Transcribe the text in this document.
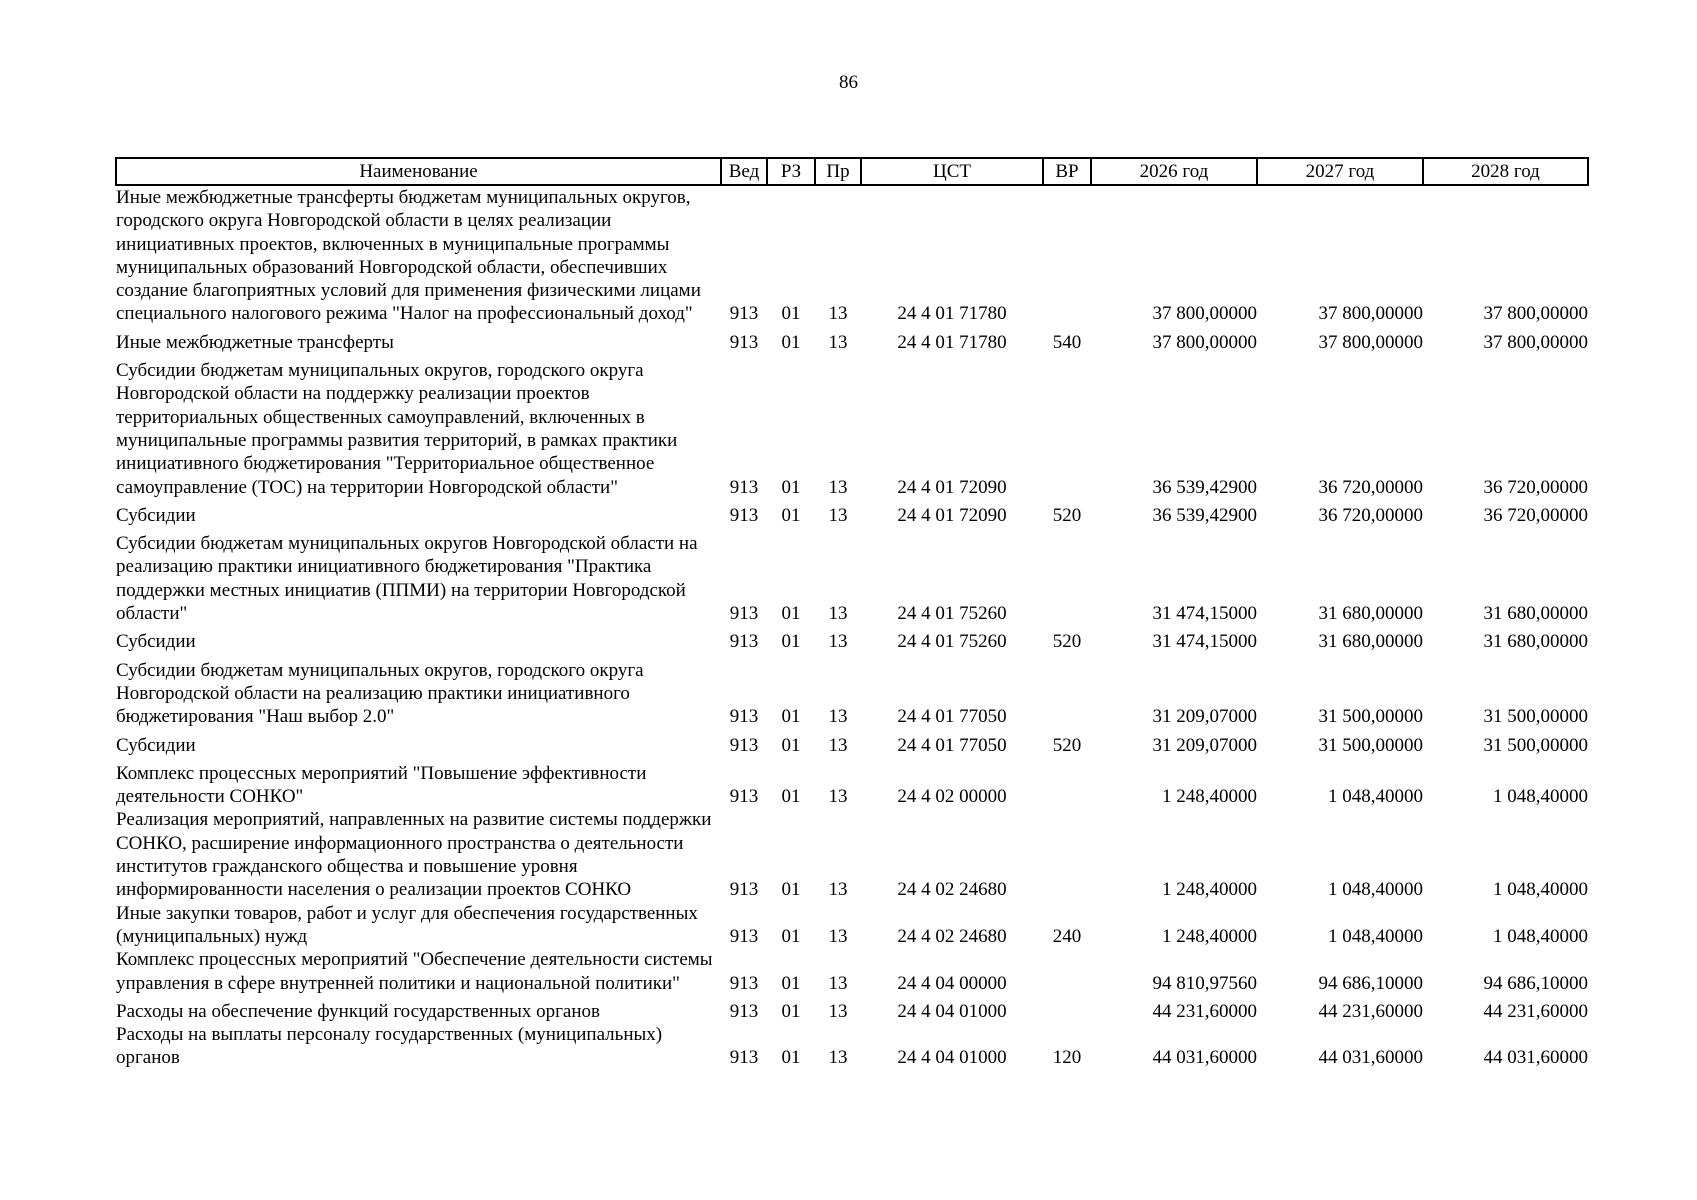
86
Наименование	Вед	РЗ	Пр	ЦСТ	ВР	2026 год	2027 год	2028 год
Иные межбюджетные трансферты бюджетам муниципальных округов, городского округа Новгородской области в целях реализации инициативных проектов, включенных в муниципальные программы муниципальных образований Новгородской области, обеспечивших создание благоприятных условий для применения физическими лицами специального налогового режима "Налог на профессиональный доход"	913	01	13	24 4 01 71780		37 800,00000	37 800,00000	37 800,00000
Иные межбюджетные трансферты	913	01	13	24 4 01 71780	540	37 800,00000	37 800,00000	37 800,00000
Субсидии бюджетам муниципальных округов, городского округа Новгородской области на поддержку реализации проектов территориальных общественных самоуправлений, включенных в муниципальные программы развития территорий, в рамках практики инициативного бюджетирования "Территориальное общественное самоуправление (ТОС) на территории Новгородской области"	913	01	13	24 4 01 72090		36 539,42900	36 720,00000	36 720,00000
Субсидии	913	01	13	24 4 01 72090	520	36 539,42900	36 720,00000	36 720,00000
Субсидии бюджетам муниципальных округов Новгородской области на реализацию практики инициативного бюджетирования "Практика поддержки местных инициатив (ППМИ) на территории Новгородской области"	913	01	13	24 4 01 75260		31 474,15000	31 680,00000	31 680,00000
Субсидии	913	01	13	24 4 01 75260	520	31 474,15000	31 680,00000	31 680,00000
Субсидии бюджетам муниципальных округов, городского округа Новгородской области на реализацию практики инициативного бюджетирования "Наш выбор 2.0"	913	01	13	24 4 01 77050		31 209,07000	31 500,00000	31 500,00000
Субсидии	913	01	13	24 4 01 77050	520	31 209,07000	31 500,00000	31 500,00000
Комплекс процессных мероприятий "Повышение эффективности деятельности СОНКО"	913	01	13	24 4 02 00000		1 248,40000	1 048,40000	1 048,40000
Реализация мероприятий, направленных на развитие системы поддержки СОНКО, расширение информационного пространства о деятельности институтов гражданского общества и повышение уровня информированности населения о реализации проектов СОНКО	913	01	13	24 4 02 24680		1 248,40000	1 048,40000	1 048,40000
Иные закупки товаров, работ и услуг для обеспечения государственных (муниципальных) нужд	913	01	13	24 4 02 24680	240	1 248,40000	1 048,40000	1 048,40000
Комплекс процессных мероприятий "Обеспечение деятельности системы управления в сфере внутренней политики и национальной политики"	913	01	13	24 4 04 00000		94 810,97560	94 686,10000	94 686,10000
Расходы на обеспечение функций государственных органов	913	01	13	24 4 04 01000		44 231,60000	44 231,60000	44 231,60000
Расходы на выплаты персоналу государственных (муниципальных) органов	913	01	13	24 4 04 01000	120	44 031,60000	44 031,60000	44 031,60000
